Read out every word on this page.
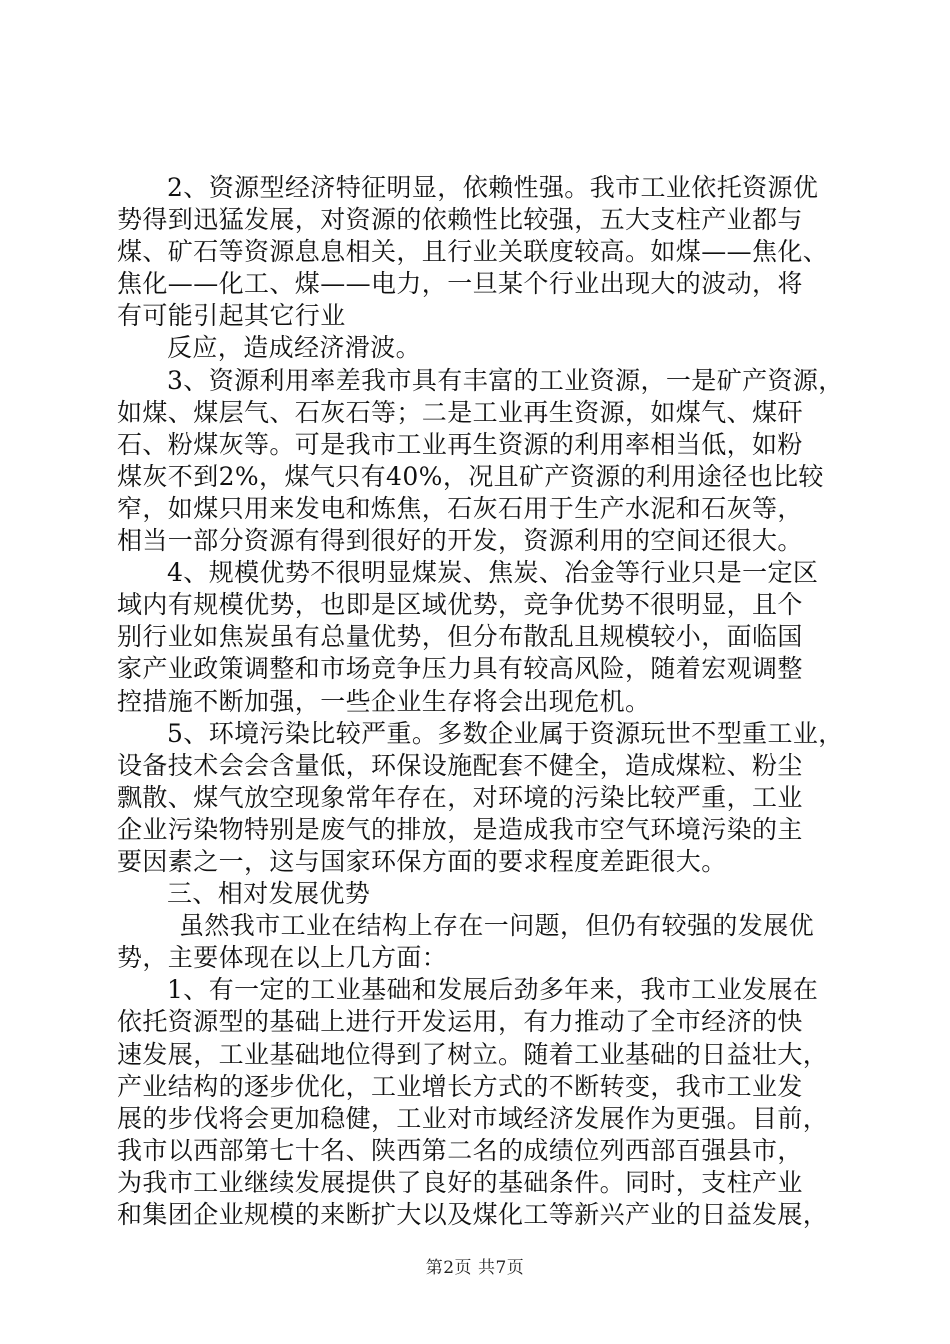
2、资源型经济特征明显，依赖性强。我市工业依托资源优
势得到迅猛发展，对资源的依赖性比较强，五大支柱产业都与
煤、矿石等资源息息相关，且行业关联度较高。如煤——焦化、
焦化——化工、煤——电力，一旦某个行业出现大的波动，将
有可能引起其它行业
反应，造成经济滑波。
3、资源利用率差我市具有丰富的工业资源，一是矿产资源，
如煤、煤层气、石灰石等；二是工业再生资源，如煤气、煤矸
石、粉煤灰等。可是我市工业再生资源的利用率相当低，如粉
煤灰不到2%，煤气只有40%，况且矿产资源的利用途径也比较
窄，如煤只用来发电和炼焦，石灰石用于生产水泥和石灰等，
相当一部分资源有得到很好的开发，资源利用的空间还很大。
4、规模优势不很明显煤炭、焦炭、冶金等行业只是一定区
域内有规模优势，也即是区域优势，竞争优势不很明显，且个
别行业如焦炭虽有总量优势，但分布散乱且规模较小，面临国
家产业政策调整和市场竞争压力具有较高风险，随着宏观调整
控措施不断加强，一些企业生存将会出现危机。
5、环境污染比较严重。多数企业属于资源玩世不型重工业，
设备技术会会含量低，环保设施配套不健全，造成煤粒、粉尘
飘散、煤气放空现象常年存在，对环境的污染比较严重，工业
企业污染物特别是废气的排放，是造成我市空气环境污染的主
要因素之一，这与国家环保方面的要求程度差距很大。
三、相对发展优势
虽然我市工业在结构上存在一问题，但仍有较强的发展优
势，主要体现在以上几方面：
1、有一定的工业基础和发展后劲多年来，我市工业发展在
依托资源型的基础上进行开发运用，有力推动了全市经济的快
速发展，工业基础地位得到了树立。随着工业基础的日益壮大，
产业结构的逐步优化，工业增长方式的不断转变，我市工业发
展的步伐将会更加稳健，工业对市域经济发展作为更强。目前，
我市以西部第七十名、陕西第二名的成绩位列西部百强县市，
为我市工业继续发展提供了良好的基础条件。同时，支柱产业
和集团企业规模的来断扩大以及煤化工等新兴产业的日益发展，
第2页 共7页
